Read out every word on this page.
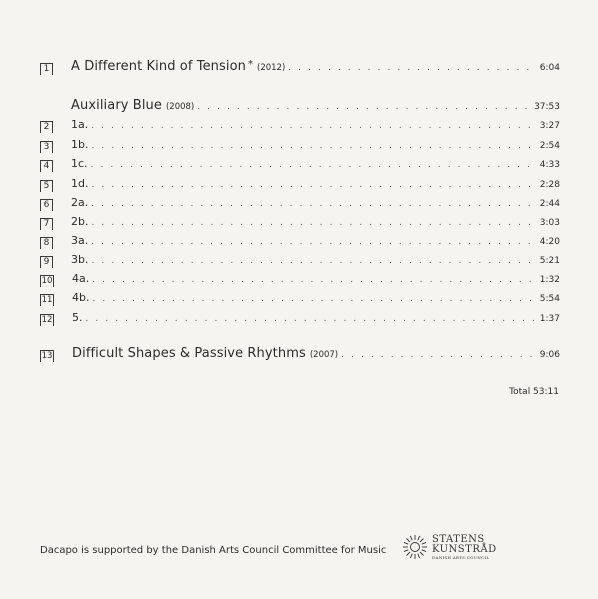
1 A Different Kind of Tension * (2012) . . .	6:04
Auxiliary Blue (2008) . . .	37:53
2	1a. . . .	3:27
3	1b. . . .	2:54
4	1c. . . .	4:33
5	1d. . . .	2:28
6	2a. . . .	2:44
7	2b. . . .	3:03
8	3a. . . .	4:20
9	3b. . . .	5:21
10 4a. . . .	1:32
11 4b. . . .	5:54
12 5. . . .	1:37
13 Difficult Shapes & Passive Rhythms (2007) . . .	9:06
Total 53:11
Dacapo is supported by the Danish Arts Council Committee for Music
STATENS
KUNSTRÅD
DANISH ARTS COUNCIL
